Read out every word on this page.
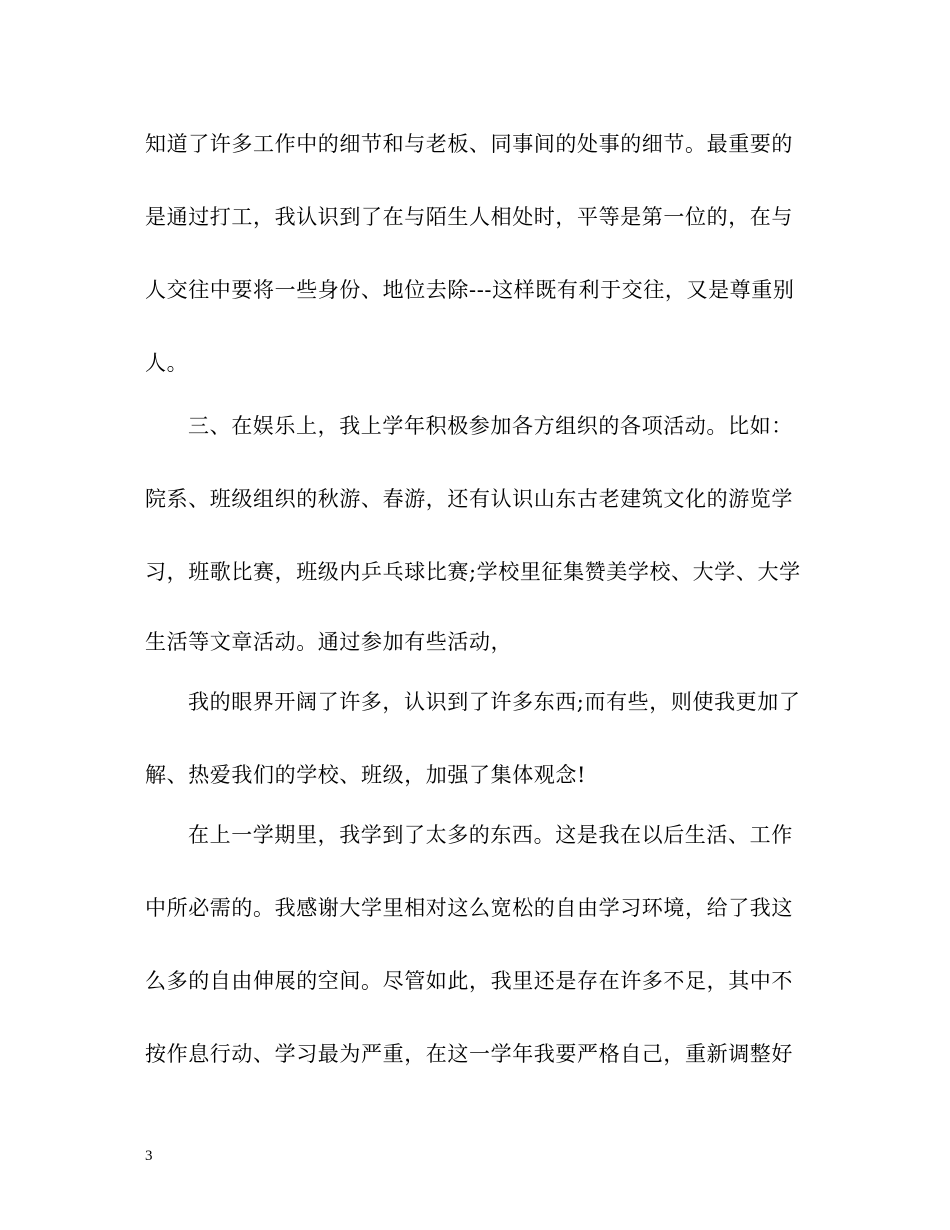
知道了许多工作中的细节和与老板、同事间的处事的细节。最重要的
是通过打工，我认识到了在与陌生人相处时，平等是第一位的，在与
人交往中要将一些身份、地位去除---这样既有利于交往，又是尊重别
人。
三、在娱乐上，我上学年积极参加各方组织的各项活动。比如：
院系、班级组织的秋游、春游，还有认识山东古老建筑文化的游览学
习，班歌比赛，班级内乒乓球比赛;学校里征集赞美学校、大学、大学
生活等文章活动。通过参加有些活动，
我的眼界开阔了许多，认识到了许多东西;而有些，则使我更加了
解、热爱我们的学校、班级，加强了集体观念!
在上一学期里，我学到了太多的东西。这是我在以后生活、工作
中所必需的。我感谢大学里相对这么宽松的自由学习环境，给了我这
么多的自由伸展的空间。尽管如此，我里还是存在许多不足，其中不
按作息行动、学习最为严重，在这一学年我要严格自己，重新调整好
3
